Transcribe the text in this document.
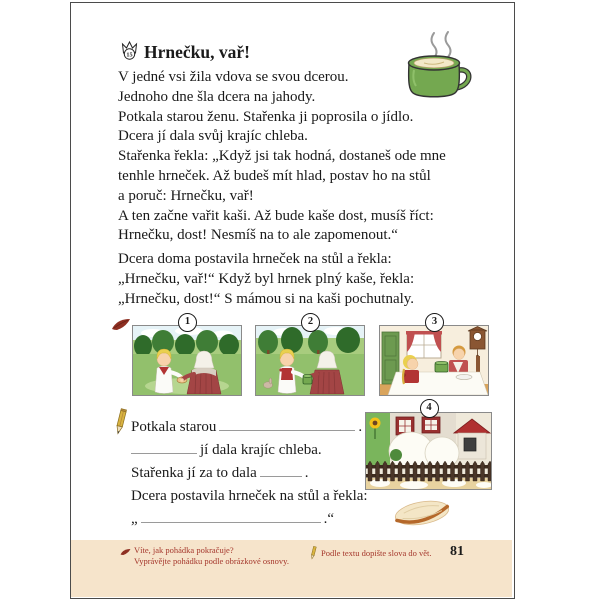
15 Hrnečku, vař!
V jedné vsi žila vdova se svou dcerou.
Jednoho dne šla dcera na jahody.
Potkala starou ženu. Stařenka ji poprosila o jídlo.
Dcera jí dala svůj krajíc chleba.
Stařenka řekla: „Když jsi tak hodná, dostaneš ode mne
tenhle hrneček. Až budeš mít hlad, postav ho na stůl
a poruč: Hrnečku, vař!
A ten začne vařit kaši. Až bude kaše dost, musíš říct:
Hrnečku, dost! Nesmíš na to ale zapomenout.“
Dcera doma postavila hrneček na stůl a řekla:
„Hrnečku, vař!“ Když byl hrnek plný kaše, řekla:
„Hrnečku, dost!“ S mámou si na kaši pochutnaly.
1	2	3
4
Potkala starou	.
jí dala krajíc chleba.
Stařenka jí za to dala	.
Dcera postavila hrneček na stůl a řekla:
„	.“
Víte, jak pohádka pokračuje?
Vyprávějte pohádku podle obrázkové osnovy.
Podle textu dopište slova do vět. 81
